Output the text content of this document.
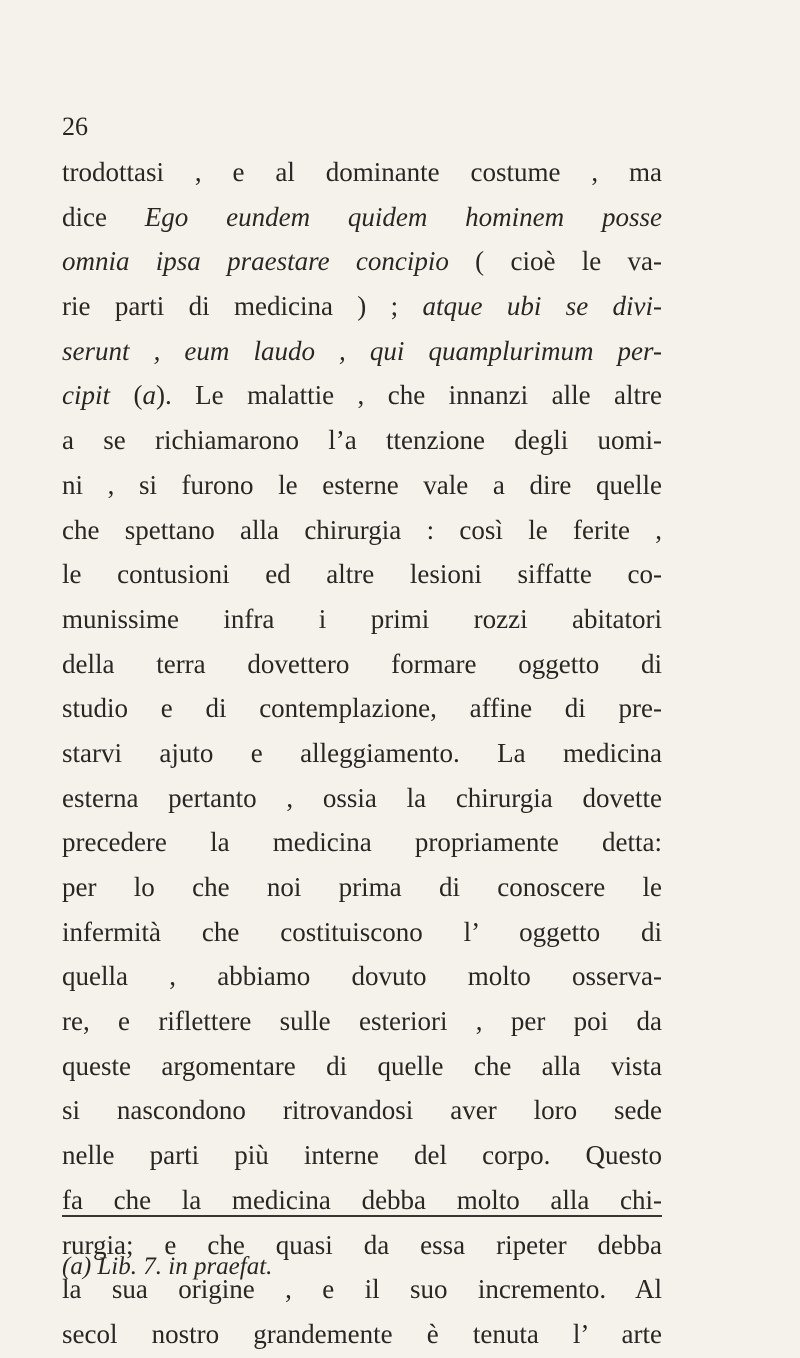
26
trodottasi , e al dominante costume , ma
dice Ego eundem quidem hominem posse
omnia ipsa praestare concipio ( cioè le va-
rie parti di medicina ) ; atque ubi se divi-
serunt , eum laudo , qui quamplurimum per-
cipit (a). Le malattie , che innanzi alle altre
a se richiamarono l’a ttenzione degli uomi-
ni , si furono le esterne vale a dire quelle
che spettano alla chirurgia : così le ferite ,
le contusioni ed altre lesioni siffatte co-
munissime infra i primi rozzi abitatori
della terra dovettero formare oggetto di
studio e di contemplazione, affine di pre-
starvi ajuto e alleggiamento. La medicina
esterna pertanto , ossia la chirurgia dovette
precedere la medicina propriamente detta:
per lo che noi prima di conoscere le
infermità che costituiscono l’ oggetto di
quella , abbiamo dovuto molto osserva-
re, e riflettere sulle esteriori , per poi da
queste argomentare di quelle che alla vista
si nascondono ritrovandosi aver loro sede
nelle parti più interne del corpo. Questo
fa che la medicina debba molto alla chi-
rurgia; e che quasi da essa ripeter debba
la sua origine , e il suo incremento. Al
secol nostro grandemente è tenuta l’ arte
(a) Lib. 7. in praefat.
